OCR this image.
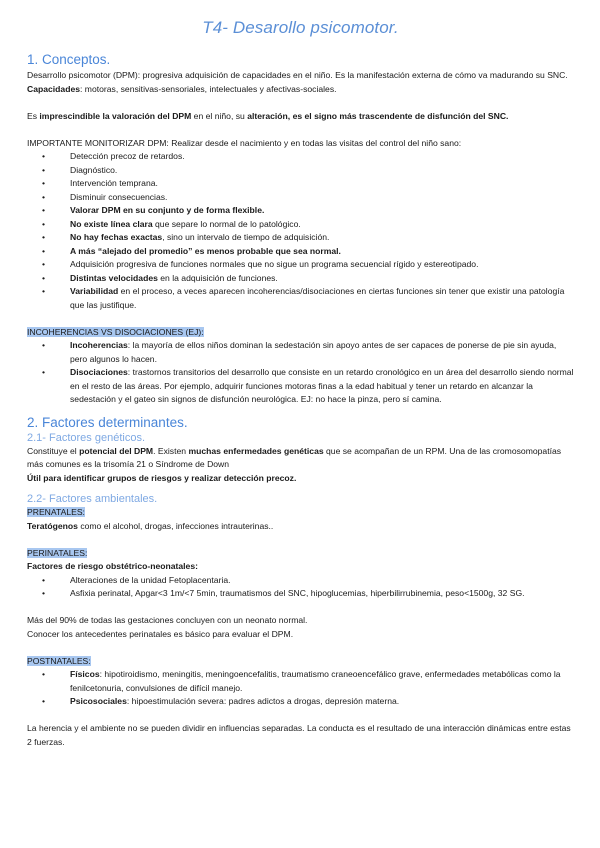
T4- Desarollo psicomotor.
1. Conceptos.

Desarrollo psicomotor (DPM): progresiva adquisición de capacidades en el niño. Es la manifestación externa de cómo va madurando su SNC.

Capacidades: motoras, sensitivas-sensoriales, intelectuales y afectivas-sociales.

Es imprescindible la valoración del DPM en el niño, su alteración, es el signo más trascendente de disfunción del SNC.

IMPORTANTE MONITORIZAR DPM: Realizar desde el nacimiento y en todas las visitas del control del niño sano:

• Detección precoz de retardos.
• Diagnóstico.
• Intervención temprana.
• Disminuir consecuencias.
• Valorar DPM en su conjunto y de forma flexible.
• No existe línea clara que separe lo normal de lo patológico.
• No hay fechas exactas, sino un intervalo de tiempo de adquisición.
• A más “alejado del promedio” es menos probable que sea normal.
• Adquisición progresiva de funciones normales que no sigue un programa secuencial rígido y estereotipado.
• Distintas velocidades en la adquisición de funciones.
• Variabilidad en el proceso, a veces aparecen incoherencias/disociaciones en ciertas funciones sin tener que existir una patología que las justifique.

INCOHERENCIAS VS DISOCIACIONES (EJ):

• Incoherencias: la mayoría de ellos niños dominan la sedestación sin apoyo antes de ser capaces de ponerse de pie sin ayuda, pero algunos lo hacen.
• Disociaciones: trastornos transitorios del desarrollo que consiste en un retardo cronológico en un área del desarrollo siendo normal en el resto de las áreas. Por ejemplo, adquirir funciones motoras finas a la edad habitual y tener un retardo en alcanzar la sedestación y el gateo sin signos de disfunción neurológica. EJ: no hace la pinza, pero sí camina.
2. Factores determinantes.
2.1- Factores genéticos.

Constituye el potencial del DPM. Existen muchas enfermedades genéticas que se acompañan de un RPM. Una de las cromosomopatías más comunes es la trisomía 21 o Síndrome de Down

Útil para identificar grupos de riesgos y realizar detección precoz.

2.2- Factores ambientales.

PRENATALES:

Teratógenos como el alcohol, drogas, infecciones intrauterinas..

PERINATALES:

Factores de riesgo obstétrico-neonatales:

• Alteraciones de la unidad Fetoplacentaria.
• Asfixia perinatal, Apgar<3 1m/<7 5min, traumatismos del SNC, hipoglucemias, hiperbilirrubinemia, peso<1500g, 32 SG.

Más del 90% de todas las gestaciones concluyen con un neonato normal.

Conocer los antecedentes perinatales es básico para evaluar el DPM.

POSTNATALES:

• Físicos: hipotiroidismo, meningitis, meningoencefalitis, traumatismo craneoencefálico grave, enfermedades metabólicas como la fenilcetonuria, convulsiones de difícil manejo.
• Psicosociales: hipoestimulación severa: padres adictos a drogas, depresión materna.

La herencia y el ambiente no se pueden dividir en influencias separadas. La conducta es el resultado de una interacción dinámicas entre estas 2 fuerzas.
